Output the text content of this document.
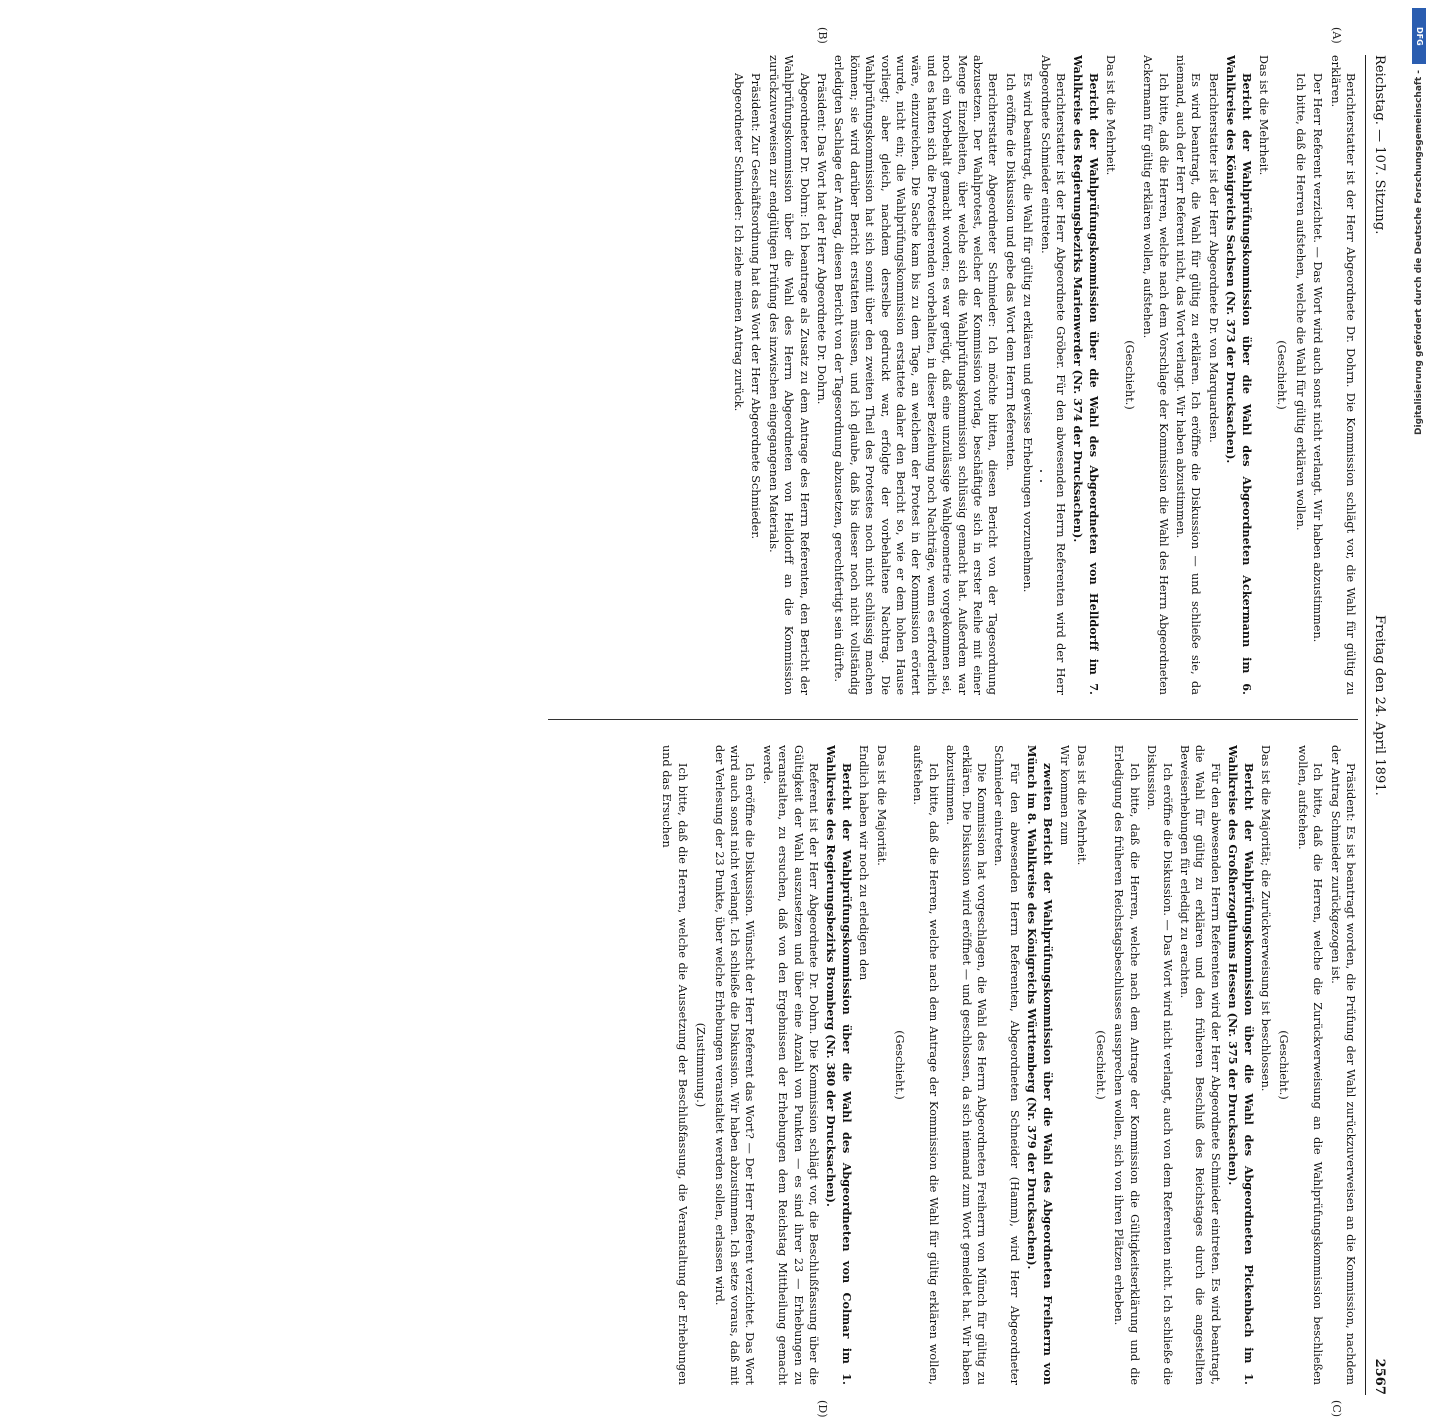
Reichstag. — 107. Sitzung.
Freitag den 24. April 1891.
2567

Berichterstatter ist der Herr Abgeordnete Dr. Dohrn. Die Kommission schlägt vor, die Wahl für gültig zu erklären.

Der Herr Referent verzichtet. — Das Wort wird auch sonst nicht verlangt. Wir haben abzustimmen.

Ich bitte, daß die Herren aufstehen, welche die Wahl für gültig erklären wollen.

(Geschieht.)

Das ist die Mehrheit.

Bericht der Wahlprüfungskommission über die Wahl des Abgeordneten Ackermann im 6. Wahlkreise des Königreichs Sachsen (Nr. 373 der Drucksachen).

Berichterstatter ist der Herr Abgeordnete Dr. von Marquardsen.

Es wird beantragt, die Wahl für gültig zu erklären. Ich eröffne die Diskussion — und schließe sie, da niemand, auch der Herr Referent nicht, das Wort verlangt. Wir haben abzustimmen.

Ich bitte, daß die Herren, welche nach dem Vorschlage der Kommission die Wahl des Herrn Abgeordneten Ackermann für gültig erklären wollen, aufstehen.

(Geschieht.)

Das ist die Mehrheit.

Bericht der Wahlprüfungskommission über die Wahl des Abgeordneten von Helldorff im 7. Wahlkreise des Regierungsbezirks Marienwerder (Nr. 374 der Drucksachen).

Berichterstatter ist der Herr Abgeordnete Gröber. Für den abwesenden Herrn Referenten wird der Herr Abgeordnete Schmieder eintreten.

Es wird beantragt, die Wahl für gültig zu erklären und gewisse Erhebungen vorzunehmen.

Ich eröffne die Diskussion und gebe das Wort dem Herrn Referenten.

Berichterstatter Abgeordneter Schmieder: Ich möchte bitten, diesen Bericht von der Tagesordnung abzusetzen. Der Wahlprotest, welcher der Kommission vorlag, beschäftigte sich in erster Reihe mit einer Menge Einzelheiten, über welche sich die Wahlprüfungskommission schlüssig gemacht hat. Außerdem war noch ein Vorbehalt gemacht worden; es war gerügt, daß eine unzulässige Wahlgeometrie vorgekommen sei, und es hatten sich die Protestierenden vorbehalten, in dieser Beziehung noch Nachträge, wenn es erforderlich wäre, einzureichen. Die Sache kam bis zu dem Tage, an welchem der Protest in der Kommission erörtert wurde, nicht ein; die Wahlprüfungskommission erstattete daher den Bericht so, wie er dem hohen Hause vorliegt; aber gleich, nachdem derselbe gedruckt war, erfolgte der vorbehaltene Nachtrag. Die Wahlprüfungskommission hat sich somit über den zweiten Theil des Protestes noch nicht schlüssig machen können; sie wird darüber Bericht erstatten müssen, und ich glaube, daß bis dieser noch nicht vollständig erledigten Sachlage der Antrag, diesen Bericht von der Tagesordnung abzusetzen, gerechtfertigt sein dürfte.

Präsident: Das Wort hat der Herr Abgeordnete Dr. Dohrn.

Abgeordneter Dr. Dohrn: Ich beantrage als Zusatz zu dem Antrage des Herrn Referenten, den Bericht der Wahlprüfungskommission über die Wahl des Herrn Abgeordneten von Helldorff an die Kommission zurückzuverweisen zur endgültigen Prüfung des inzwischen eingegangenen Materials.

Präsident: Zur Geschäftsordnung hat das Wort der Herr Abgeordnete Schmieder.

Abgeordneter Schmieder: Ich ziehe meinen Antrag zurück.

Präsident: Es ist beantragt worden, die Prüfung der Wahl zurückzuverweisen an die Kommission, nachdem der Antrag Schmieder zurückgezogen ist.

Ich bitte, daß die Herren, welche die Zurückverweisung an die Wahlprüfungskommission beschließen wollen, aufstehen.

(Geschieht.)

Das ist die Majorität; die Zurückverweisung ist beschlossen.

Bericht der Wahlprüfungskommission über die Wahl des Abgeordneten Pickenbach im 1. Wahlkreise des Großherzogthums Hessen (Nr. 375 der Drucksachen).

Für den abwesenden Herrn Referenten wird der Herr Abgeordnete Schmieder eintreten. Es wird beantragt, die Wahl für gültig zu erklären und den früheren Beschluß des Reichstages durch die angestellten Beweiserhebungen für erledigt zu erachten.

Ich eröffne die Diskussion. — Das Wort wird nicht verlangt, auch von dem Referenten nicht. Ich schließe die Diskussion.

Ich bitte, daß die Herren, welche nach dem Antrage der Kommission die Gültigkeitserklärung und die Erledigung des früheren Reichstagsbeschlusses aussprechen wollen, sich von ihren Plätzen erheben.

(Geschieht.)

Das ist die Mehrheit.

Wir kommen zum

zweiten Bericht der Wahlprüfungskommission über die Wahl des Abgeordneten Freiherrn von Münch im 8. Wahlkreise des Königreichs Württemberg (Nr. 379 der Drucksachen).

Für den abwesenden Herrn Referenten, Abgeordneten Schneider (Hamm), wird Herr Abgeordneter Schmieder eintreten.

Die Kommission hat vorgeschlagen, die Wahl des Herrn Abgeordneten Freiherrn von Münch für gültig zu erklären. Die Diskussion wird eröffnet — und geschlossen, da sich niemand zum Wort gemeldet hat. Wir haben abzustimmen.

Ich bitte, daß die Herren, welche nach dem Antrage der Kommission die Wahl für gültig erklären wollen, aufstehen.

(Geschieht.)

Das ist die Majorität.

Endlich haben wir noch zu erledigen den

Bericht der Wahlprüfungskommission über die Wahl des Abgeordneten von Colmar im 1. Wahlkreise des Regierungsbezirks Bromberg (Nr. 380 der Drucksachen).

Referent ist der Herr Abgeordnete Dr. Dohrn. Die Kommission schlägt vor, die Beschlußfassung über die Gültigkeit der Wahl auszusetzen und über eine Anzahl von Punkten — es sind ihrer 23 — Erhebungen zu veranstalten, zu ersuchen, daß von den Ergebnissen der Erhebungen dem Reichstag Mittheilung gemacht werde.

Ich eröffne die Diskussion. Wünscht der Herr Referent das Wort? — Der Herr Referent verzichtet. Das Wort wird auch sonst nicht verlangt. Ich schließe die Diskussion. Wir haben abzustimmen. Ich setze voraus, daß mit der Verlesung der 23 Punkte, über welche Erhebungen veranstaltet werden sollen, erlassen wird.

(Zustimmung.)

Ich bitte, daß die Herren, welche die Aussetzung der Beschlußfassung, die Veranstaltung der Erhebungen und das Ersuchen

(A)
(B)
(C)
(D)
DFG
Digitalisierung gefördert durch die Deutsche Forschungsgemeinschaft -
